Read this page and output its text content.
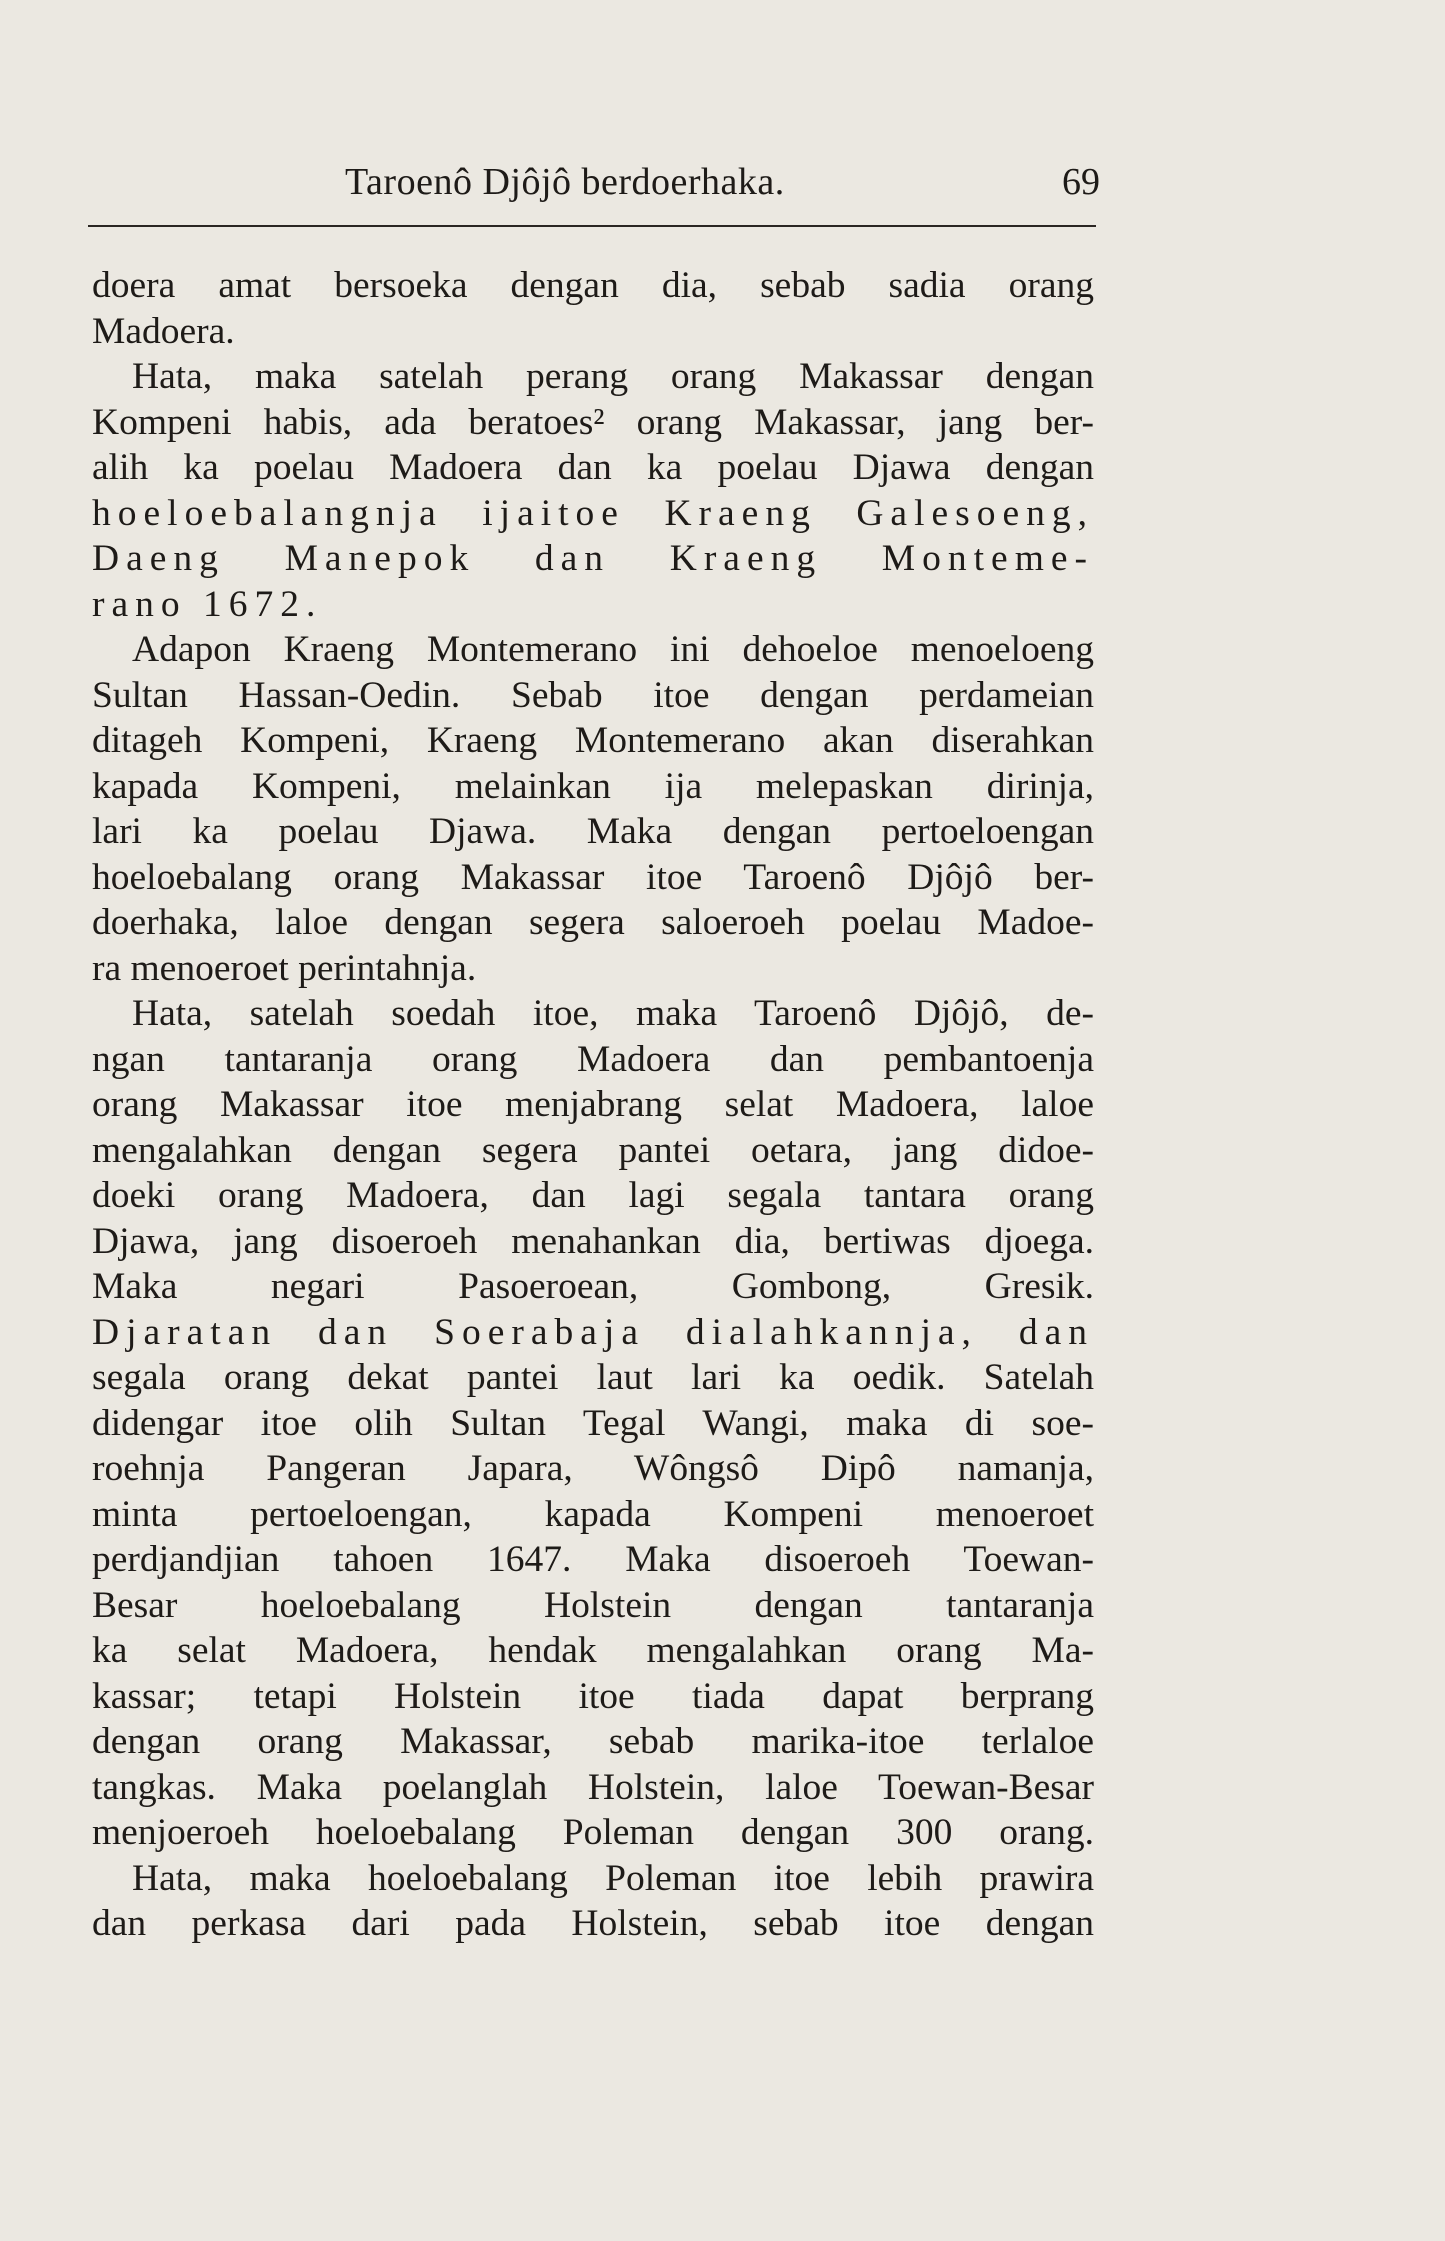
Taroenô Djôjô berdoerhaka.	69
doera amat bersoeka dengan dia, sebab sadia orang
Madoera.
Hata, maka satelah perang orang Makassar dengan
Kompeni habis, ada beratoes² orang Makassar, jang ber-
alih ka poelau Madoera dan ka poelau Djawa dengan
hoeloebalangnja ijaitoe Kraeng Galesoeng,
Daeng Manepok dan Kraeng Monteme-
rano 1672.
Adapon Kraeng Montemerano ini dehoeloe menoeloeng
Sultan Hassan-Oedin. Sebab itoe dengan perdameian
ditageh Kompeni, Kraeng Montemerano akan diserahkan
kapada Kompeni, melainkan ija melepaskan dirinja,
lari ka poelau Djawa. Maka dengan pertoeloengan
hoeloebalang orang Makassar itoe Taroenô Djôjô ber-
doerhaka, laloe dengan segera saloeroeh poelau Madoe-
ra menoeroet perintahnja.
Hata, satelah soedah itoe, maka Taroenô Djôjô, de-
ngan tantaranja orang Madoera dan pembantoenja
orang Makassar itoe menjabrang selat Madoera, laloe
mengalahkan dengan segera pantei oetara, jang didoe-
doeki orang Madoera, dan lagi segala tantara orang
Djawa, jang disoeroeh menahankan dia, bertiwas djoega.
Maka negari Pasoeroean, Gombong, Gresik.
Djaratan dan Soerabaja dialahkannja, dan
segala orang dekat pantei laut lari ka oedik. Satelah
didengar itoe olih Sultan Tegal Wangi, maka di soe-
roehnja Pangeran Japara, Wôngsô Dipô namanja,
minta pertoeloengan, kapada Kompeni menoeroet
perdjandjian tahoen 1647. Maka disoeroeh Toewan-
Besar hoeloebalang Holstein dengan tantaranja
ka selat Madoera, hendak mengalahkan orang Ma-
kassar; tetapi Holstein itoe tiada dapat berprang
dengan orang Makassar, sebab marika-itoe terlaloe
tangkas. Maka poelanglah Holstein, laloe Toewan-Besar
menjoeroeh hoeloebalang Poleman dengan 300 orang.
Hata, maka hoeloebalang Poleman itoe lebih prawira
dan perkasa dari pada Holstein, sebab itoe dengan
